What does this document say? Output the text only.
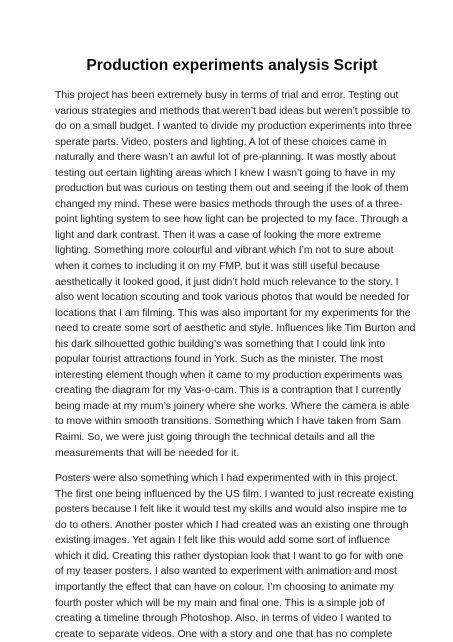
Production experiments analysis Script

This project has been extremely busy in terms of trial and error. Testing out
various strategies and methods that weren’t bad ideas but weren’t possible to
do on a small budget. I wanted to divide my production experiments into three
sperate parts. Video, posters and lighting. A lot of these choices came in
naturally and there wasn’t an awful lot of pre-planning. It was mostly about
testing out certain lighting areas which I knew I wasn’t going to have in my
production but was curious on testing them out and seeing if the look of them
changed my mind. These were basics methods through the uses of a three-
point lighting system to see how light can be projected to my face. Through a
light and dark contrast. Then it was a case of looking the more extreme
lighting. Something more colourful and vibrant which I’m not to sure about
when it comes to including it on my FMP, but it was still useful because
aesthetically it looked good, it just didn’t hold much relevance to the story. I
also went location scouting and took various photos that would be needed for
locations that I am filming. This was also important for my experiments for the
need to create some sort of aesthetic and style. Influences like Tim Burton and
his dark silhouetted gothic building’s was something that I could link into
popular tourist attractions found in York. Such as the minister. The most
interesting element though when it came to my production experiments was
creating the diagram for my Vas-o-cam. This is a contraption that I currently
being made at my mum’s joinery where she works. Where the camera is able
to move within smooth transitions. Something which I have taken from Sam
Raimi. So, we were just going through the technical details and all the
measurements that will be needed for it.

Posters were also something which I had experimented with in this project.
The first one being influenced by the US film. I wanted to just recreate existing
posters because I felt like it would test my skills and would also inspire me to
do to others. Another poster which I had created was an existing one through
existing images. Yet again I felt like this would add some sort of influence
which it did. Creating this rather dystopian look that I want to go for with one
of my teaser posters. I also wanted to experiment with animation and most
importantly the effect that can have on colour. I’m choosing to animate my
fourth poster which will be my main and final one. This is a simple job of
creating a timeline through Photoshop. Also, in terms of video I wanted to
create to separate videos. One with a story and one that has no complete
